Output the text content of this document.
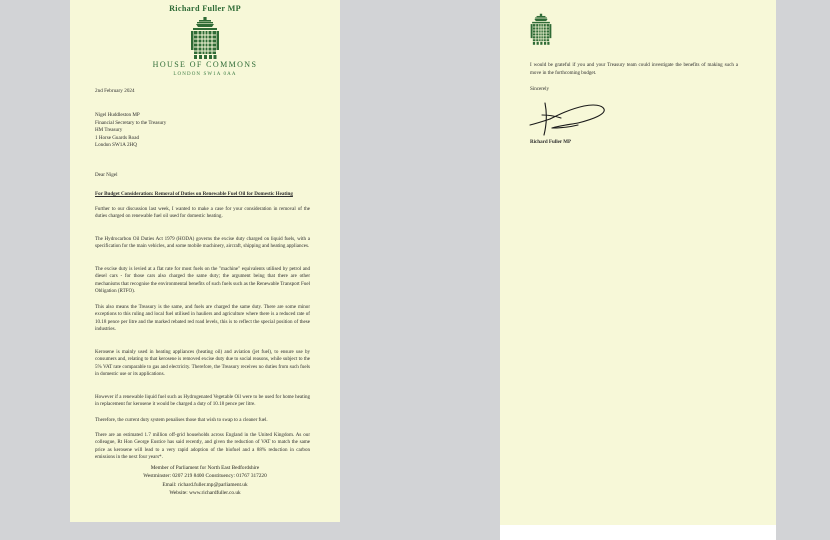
Richard Fuller MP
HOUSE OF COMMONS
LONDON SW1A 0AA
2nd February 2024
Nigel Huddleston MP
Financial Secretary to the Treasury
HM Treasury
1 Horse Guards Road
London SW1A 2HQ
Dear Nigel
For Budget Consideration: Removal of Duties on Renewable Fuel Oil for Domestic Heating
Further to our discussion last week, I wanted to make a case for your consideration in removal of the duties charged on renewable fuel oil used for domestic heating.
The Hydrocarbon Oil Duties Act 1979 (HODA) governs the excise duty charged on liquid fuels, with a specification for the main vehicles, and some mobile machinery, aircraft, shipping and heating appliances.
The excise duty is levied at a flat rate for most fuels on the "machine" equivalents utilised by petrol and diesel cars - for those cars also charged the same duty; the argument being that there are other mechanisms that recognise the environmental benefits of such fuels such as the Renewable Transport Fuel Obligation (RTFO).
This also means the Treasury is the same, and fuels are charged the same duty. There are some minor exceptions to this ruling and local fuel utilised in hauliers and agriculture where there is a reduced rate of 10.18 pence per litre and the marked rebated red road levels, this is to reflect the special position of these industries.
Kerosene is mainly used in heating appliances (heating oil) and aviation (jet fuel), to ensure use by consumers and, relating to that kerosene is removed excise duty due to social reasons, while subject to the 5% VAT rate comparable to gas and electricity. Therefore, the Treasury receives no duties from such fuels in domestic use or its applications.
However if a renewable liquid fuel such as Hydrogenated Vegetable Oil were to be used for home heating in replacement for kerosene it would be charged a duty of 10.18 pence per litre.
Therefore, the current duty system penalises those that wish to swap to a cleaner fuel.
There are an estimated 1.7 million off-grid households across England in the United Kingdom. As our colleague, Rt Hon George Eustice has said recently, and given the reduction of VAT to match the same price as kerosene will lead to a very rapid adoption of the biofuel and a 88% reduction in carbon emissions in the next four years*.
Member of Parliament for North East Bedfordshire
Westminster: 0207 219 8400 Constituency: 01767 317220
Email: richard.fuller.mp@parliament.uk
Website: www.richardfuller.co.uk
I would be grateful if you and your Treasury team could investigate the benefits of making such a move in the forthcoming budget.
Sincerely
Richard Fuller MP
